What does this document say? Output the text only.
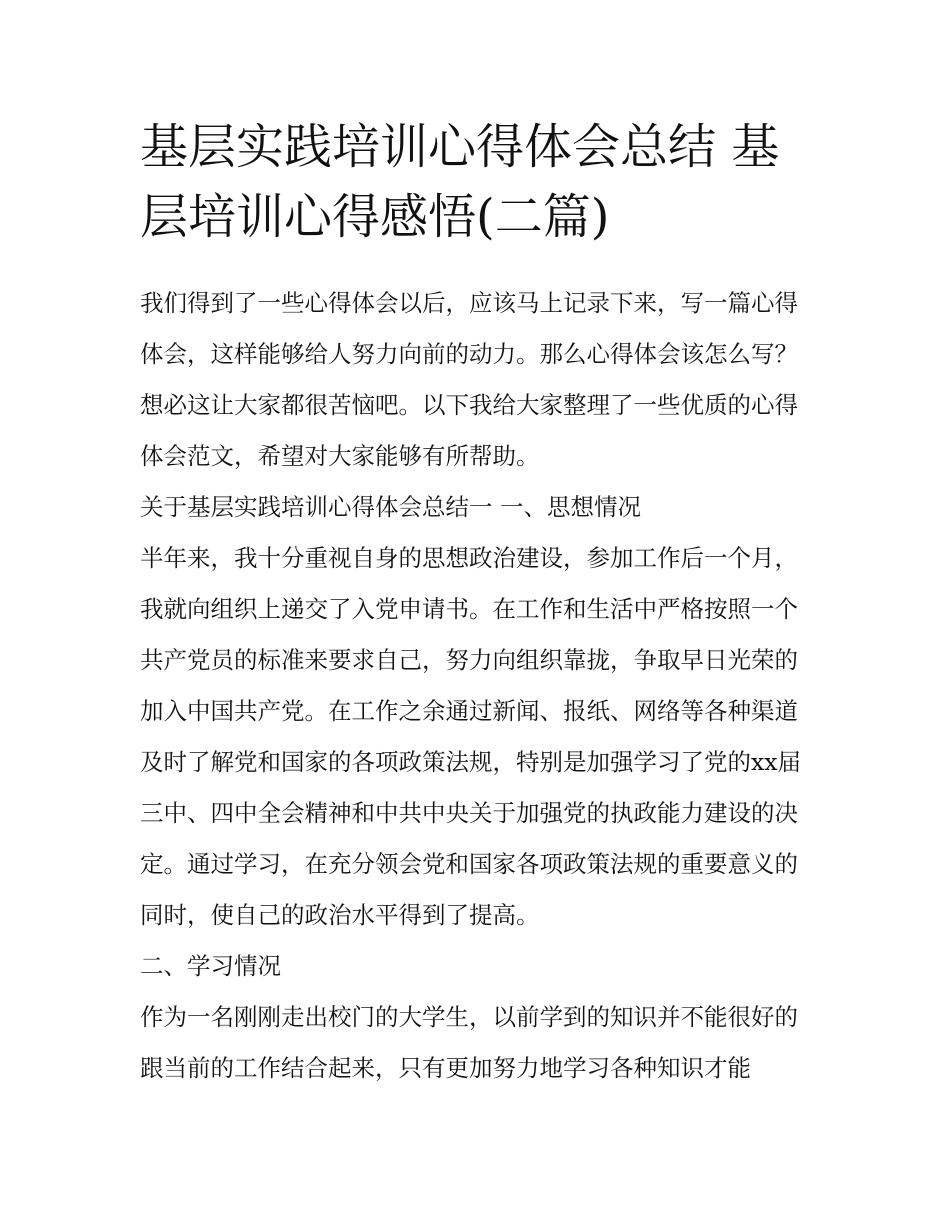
基层实践培训心得体会总结 基层培训心得感悟(二篇)

我们得到了一些心得体会以后，应该马上记录下来，写一篇心得体会，这样能够给人努力向前的动力。那么心得体会该怎么写？想必这让大家都很苦恼吧。以下我给大家整理了一些优质的心得体会范文，希望对大家能够有所帮助。

关于基层实践培训心得体会总结一 一、思想情况

半年来，我十分重视自身的思想政治建设，参加工作后一个月，我就向组织上递交了入党申请书。在工作和生活中严格按照一个共产党员的标准来要求自己，努力向组织靠拢，争取早日光荣的加入中国共产党。在工作之余通过新闻、报纸、网络等各种渠道及时了解党和国家的各项政策法规，特别是加强学习了党的xx届三中、四中全会精神和中共中央关于加强党的执政能力建设的决定。通过学习，在充分领会党和国家各项政策法规的重要意义的同时，使自己的政治水平得到了提高。

二、学习情况

作为一名刚刚走出校门的大学生，以前学到的知识并不能很好的跟当前的工作结合起来，只有更加努力地学习各种知识才能
